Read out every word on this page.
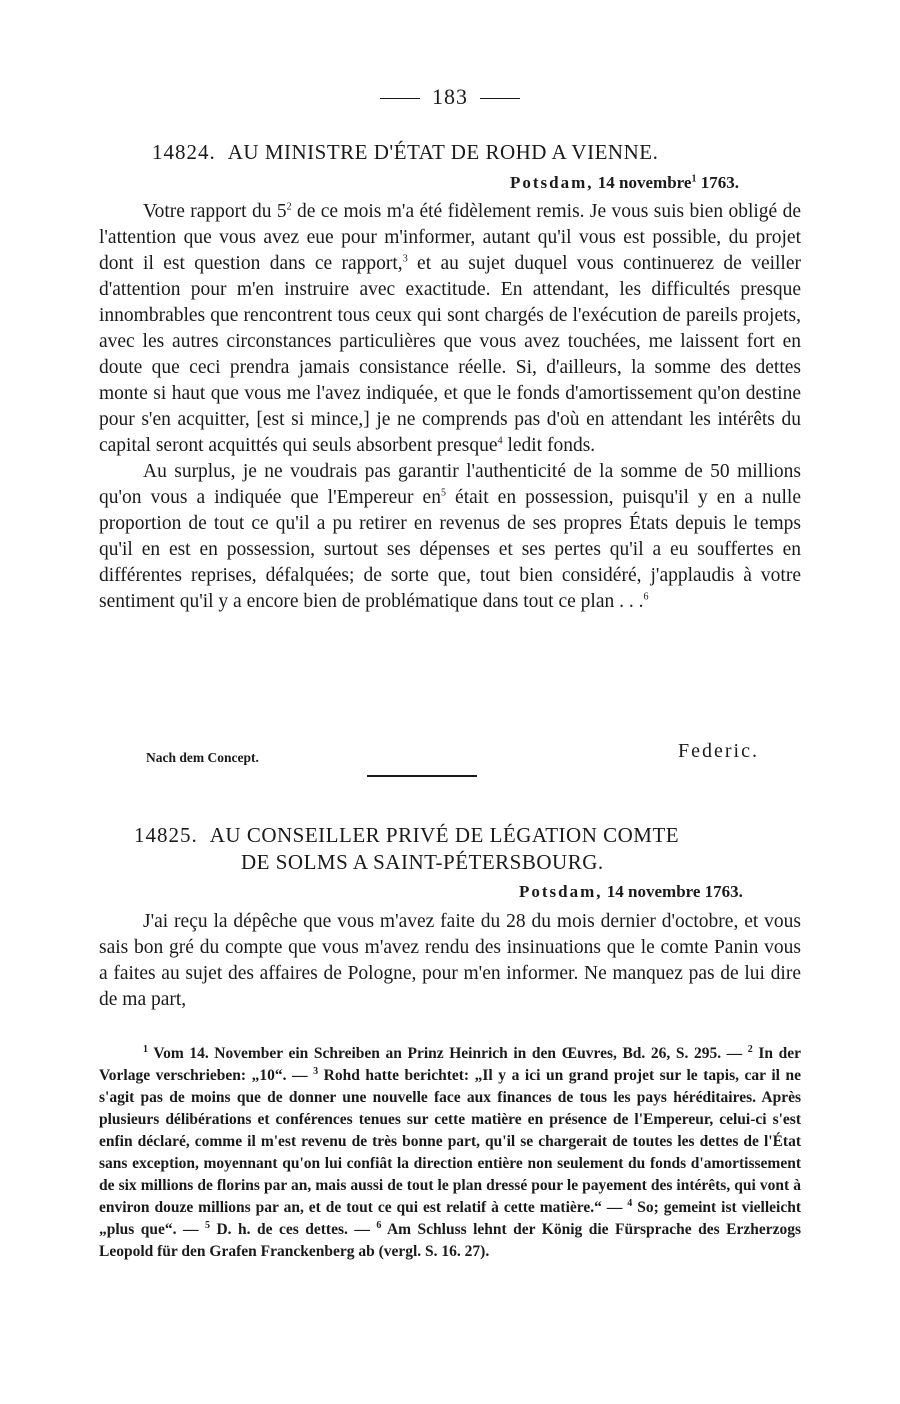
183
14824. AU MINISTRE D'ÉTAT DE ROHD A VIENNE.
Potsdam, 14 novembre$^1$ 1763.

Votre rapport du $5^2$ de ce mois m'a été fidèlement remis. Je vous suis bien obligé de l'attention que vous avez eue pour m'informer, autant qu'il vous est possible, du projet dont il est question dans ce rapport,$^3$ et au sujet duquel vous continuerez de veiller d'attention pour m'en instruire avec exactitude. En attendant, les difficultés presque innombrables que rencontrent tous ceux qui sont chargés de l'exécution de pareils projets, avec les autres circonstances particulières que vous avez touchées, me laissent fort en doute que ceci prendra jamais consistance réelle. Si, d'ailleurs, la somme des dettes monte si haut que vous me l'avez indiquée, et que le fonds d'amortissement qu'on destine pour s'en acquitter, [est si mince,] je ne comprends pas d'où en attendant les intérêts du capital seront acquittés qui seuls absorbent presque$^4$ ledit fonds.

Au surplus, je ne voudrais pas garantir l'authenticité de la somme de 50 millions qu'on vous a indiquée que l'Empereur $en^5$ était en possession, puisqu'il y en a nulle proportion de tout ce qu'il a pu retirer en revenus de ses propres États depuis le temps qu'il en est en possession, surtout ses dépenses et ses pertes qu'il a eu souffertes en différentes reprises, défalquées; de sorte que, tout bien considéré, j'applaudis à votre sentiment qu'il y a encore bien de problématique dans tout ce plan . . .$^6$

Nach dem Concept.	Federic.
14825. AU CONSEILLER PRIVÉ DE LÉGATION COMTE
DE SOLMS A SAINT-PÉTERSBOURG.
Potsdam, 14 novembre 1763.

J'ai reçu la dépêche que vous m'avez faite du 28 du mois dernier d'octobre, et vous sais bon gré du compte que vous m'avez rendu des insinuations que le comte Panin vous a faites au sujet des affaires de Pologne, pour m'en informer. Ne manquez pas de lui dire de ma part,

$^1$ Vom 14. November ein Schreiben an Prinz Heinrich in den Œuvres, Bd. 26, S. 295. — $^2$ In der Vorlage verschrieben: „10“. — $^3$ Rohd hatte berichtet: „Il y a ici un grand projet sur le tapis, car il ne s'agit pas de moins que de donner une nouvelle face aux finances de tous les pays héréditaires. Après plusieurs délibérations et conférences tenues sur cette matière en présence de l'Empereur, celui-ci s'est enfin déclaré, comme il m'est revenu de très bonne part, qu'il se chargerait de toutes les dettes de l'État sans exception, moyennant qu'on lui confiât la direction entière non seulement du fonds d'amortissement de six millions de florins par an, mais aussi de tout le plan dressé pour le payement des intérêts, qui vont à environ douze millions par an, et de tout ce qui est relatif à cette matière.“ — $^4$ So; gemeint ist vielleicht „plus que“. — $^5$ D. h. de ces dettes. — $^6$ Am Schluss lehnt der König die Fürsprache des Erzherzogs Leopold für den Grafen Franckenberg ab (vergl. S. 16. 27).
